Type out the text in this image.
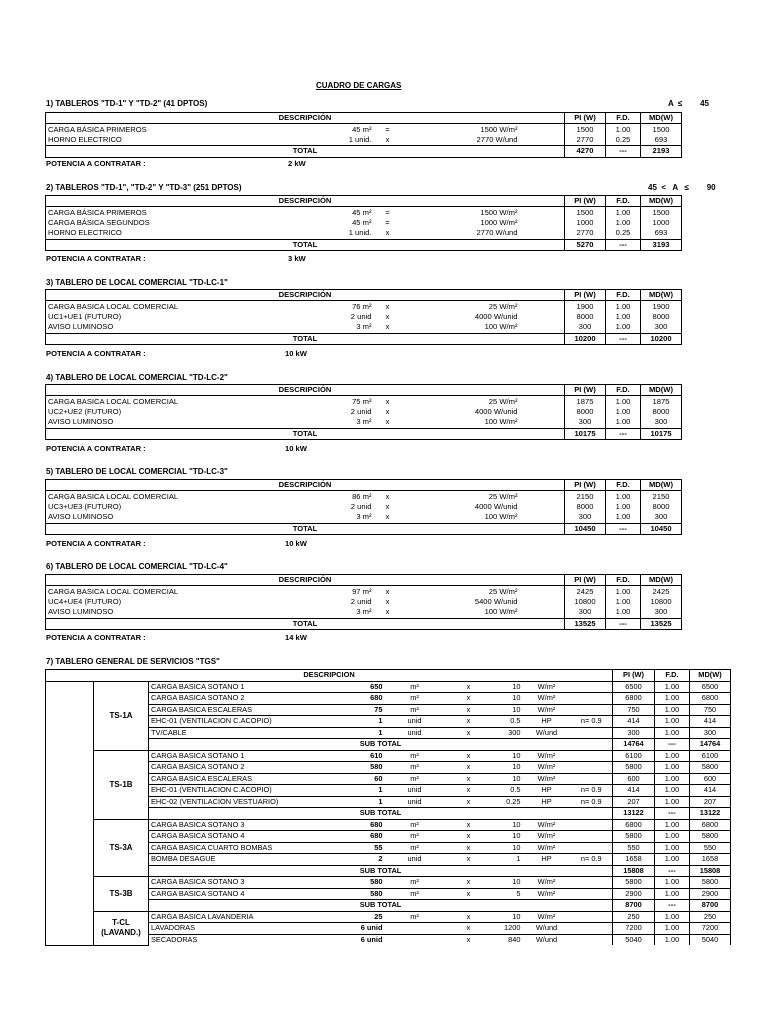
CUADRO DE CARGAS
1) TABLEROS "TD-1" Y "TD-2" (41 DPTOS)	A  ≤        45
DESCRIPCIÓN					PI (W)	F.D.	MD(W)
CARGA BÁSICA PRIMEROS	45 m²	=	1500 W/m²		1500	1.00	1500
HORNO ELECTRICO	1 unid.	x	2770 W/und		2770	0.25	693
TOTAL					4270	---	2193
POTENCIA A CONTRATAR :	2 kW
2) TABLEROS "TD-1", "TD-2" Y "TD-3" (251 DPTOS)	45  <   A   ≤        90
DESCRIPCIÓN					PI (W)	F.D.	MD(W)
CARGA BÁSICA PRIMEROS	45 m²	=	1500 W/m²		1500	1.00	1500
CARGA BÁSICA SEGUNDOS	45 m²	=	1000 W/m²		1000	1.00	1000
HORNO ELECTRICO	1 unid.	x	2770 W/und		2770	0.25	693
TOTAL					5270	---	3193
POTENCIA A CONTRATAR :	3 kW
3) TABLERO DE LOCAL COMERCIAL "TD-LC-1"
DESCRIPCIÓN					PI (W)	F.D.	MD(W)
CARGA BASICA LOCAL COMERCIAL	76 m²	x	25 W/m²		1900	1.00	1900
UC1+UE1 (FUTURO)	2 unid	x	4000 W/unid		8000	1.00	8000
AVISO LUMINOSO	3 m²	x	100 W/m²		300	1.00	300
TOTAL					10200	---	10200
POTENCIA A CONTRATAR :	10 kW
4) TABLERO DE LOCAL COMERCIAL "TD-LC-2"
DESCRIPCIÓN					PI (W)	F.D.	MD(W)
CARGA BASICA LOCAL COMERCIAL	75 m²	x	25 W/m²		1875	1.00	1875
UC2+UE2 (FUTURO)	2 unid	x	4000 W/unid		8000	1.00	8000
AVISO LUMINOSO	3 m²	x	100 W/m²		300	1.00	300
TOTAL					10175	---	10175
POTENCIA A CONTRATAR :	10 kW
5) TABLERO DE LOCAL COMERCIAL "TD-LC-3"
DESCRIPCIÓN					PI (W)	F.D.	MD(W)
CARGA BASICA LOCAL COMERCIAL	86 m²	x	25 W/m²		2150	1.00	2150
UC3+UE3 (FUTURO)	2 unid	x	4000 W/unid		8000	1.00	8000
AVISO LUMINOSO	3 m²	x	100 W/m²		300	1.00	300
TOTAL					10450	---	10450
POTENCIA A CONTRATAR :	10 kW
6) TABLERO DE LOCAL COMERCIAL "TD-LC-4"
DESCRIPCIÓN					PI (W)	F.D.	MD(W)
CARGA BASICA LOCAL COMERCIAL	97 m²	x	25 W/m²		2425	1.00	2425
UC4+UE4 (FUTURO)	2 unid	x	5400 W/unid		10800	1.00	10800
AVISO LUMINOSO	3 m²	x	100 W/m²		300	1.00	300
TOTAL					13525	---	13525
POTENCIA A CONTRATAR :	14 kW
7) TABLERO GENERAL DE SERVICIOS "TGS"
DESCRIPCION									PI (W)	F.D.	MD(W)
	TS-1A	CARGA BASICA SOTANO 1	650	m²	x	10	W/m²		6500	1.00	6500
		CARGA BASICA SOTANO 2	680	m²	x	10	W/m²		6800	1.00	6800
		CARGA BASICA ESCALERAS	75	m²	x	10	W/m²		750	1.00	750
		EHC-01 (VENTILACION C.ACOPIO)	1	unid	x	0.5	HP	n= 0.9	414	1.00	414
		TV/CABLE	1	unid	x	300	W/und		300	1.00	300
		SUB TOTAL							14764	---	14764
	TS-1B	CARGA BASICA SOTANO 1	610	m²	x	10	W/m²		6100	1.00	6100
		CARGA BASICA SOTANO 2	580	m²	x	10	W/m²		5800	1.00	5800
		CARGA BASICA ESCALERAS	60	m²	x	10	W/m²		600	1.00	600
		EHC-01 (VENTILACION C.ACOPIO)	1	unid	x	0.5	HP	n= 0.9	414	1.00	414
		EHC-02 (VENTILACION VESTUARIO)	1	unid	x	0.25	HP	n= 0.9	207	1.00	207
		SUB TOTAL							13122	---	13122
	TS-3A	CARGA BASICA SOTANO 3	680	m²	x	10	W/m²		6800	1.00	6800
		CARGA BASICA SOTANO 4	680	m²	x	10	W/m²		5800	1.00	5800
		CARGA BASICA CUARTO BOMBAS	55	m²	x	10	W/m²		550	1.00	550
		BOMBA DESAGUE	2	unid	x	1	HP	n= 0.9	1658	1.00	1658
		SUB TOTAL							15808	---	15808
	TS-3B	CARGA BASICA SOTANO 3	580	m²	x	10	W/m²		5800	1.00	5800
		CARGA BASICA SOTANO 4	580	m²	x	5	W/m²		2900	1.00	2900
		SUB TOTAL							8700	---	8700
	T-CL
(LAVAND.)	CARGA BASICA LAVANDERIA	25	m²	x	10	W/m²		250	1.00	250
		LAVADORAS	6 unid		x	1200	W/und		7200	1.00	7200
		SECADORAS	6 unid		x	840	W/und		5040	1.00	5040
